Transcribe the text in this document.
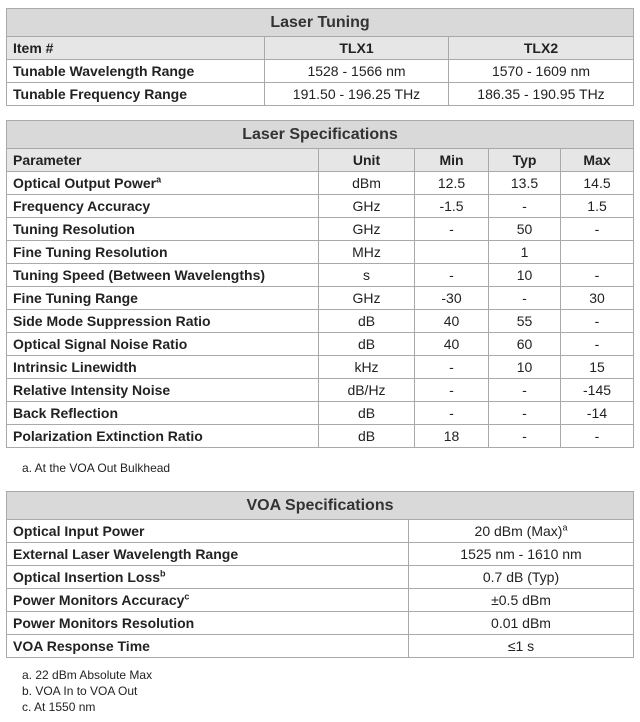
Laser Tuning		
Item #	TLX1	TLX2
Tunable Wavelength Range	1528 - 1566 nm	1570 - 1609 nm
Tunable Frequency Range	191.50 - 196.25 THz	186.35 - 190.95 THz
Laser Specifications				
Parameter	Unit	Min	Typ	Max
Optical Output Power$^a$	dBm	12.5	13.5	14.5
Frequency Accuracy	GHz	-1.5	-	1.5
Tuning Resolution	GHz	-	50	-
Fine Tuning Resolution	MHz		1	
Tuning Speed (Between Wavelengths)	s	-	10	-
Fine Tuning Range	GHz	-30	-	30
Side Mode Suppression Ratio	dB	40	55	-
Optical Signal Noise Ratio	dB	40	60	-
Intrinsic Linewidth	kHz	-	10	15
Relative Intensity Noise	dB/Hz	-	-	-145
Back Reflection	dB	-	-	-14
Polarization Extinction Ratio	dB	18	-	-
a. At the VOA Out Bulkhead
VOA Specifications	
Optical Input Power	20 dBm (Max)$^a$
External Laser Wavelength Range	1525 nm - 1610 nm
Optical Insertion Loss$^b$	0.7 dB (Typ)
Power Monitors Accuracy$^c$	±0.5 dBm
Power Monitors Resolution	0.01 dBm
VOA Response Time	≤1 s
a. 22 dBm Absolute Max
b. VOA In to VOA Out
c. At 1550 nm
